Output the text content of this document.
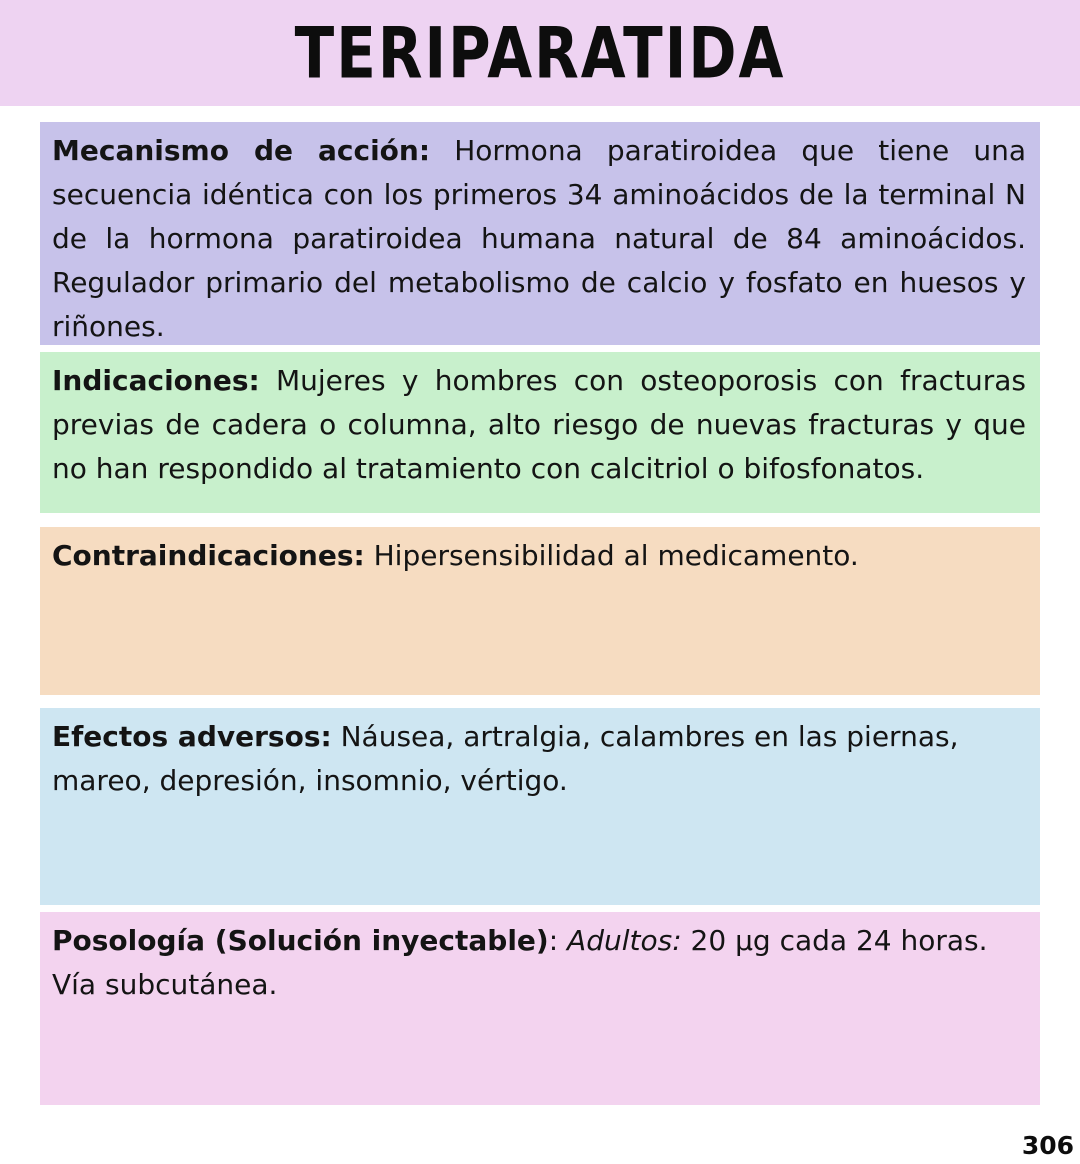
TERIPARATIDA

Mecanismo de acción: Hormona paratiroidea que tiene una secuencia idéntica con los primeros 34 aminoácidos de la terminal N de la hormona paratiroidea humana natural de 84 aminoácidos. Regulador primario del metabolismo de calcio y fosfato en huesos y riñones.

Indicaciones: Mujeres y hombres con osteoporosis con fracturas previas de cadera o columna, alto riesgo de nuevas fracturas y que no han respondido al tratamiento con calcitriol o bifosfonatos.

Contraindicaciones: Hipersensibilidad al medicamento.

Efectos adversos: Náusea, artralgia, calambres en las piernas, mareo, depresión, insomnio, vértigo.

Posología (Solución inyectable): Adultos: 20 μg cada 24 horas. Vía subcutánea.

306
